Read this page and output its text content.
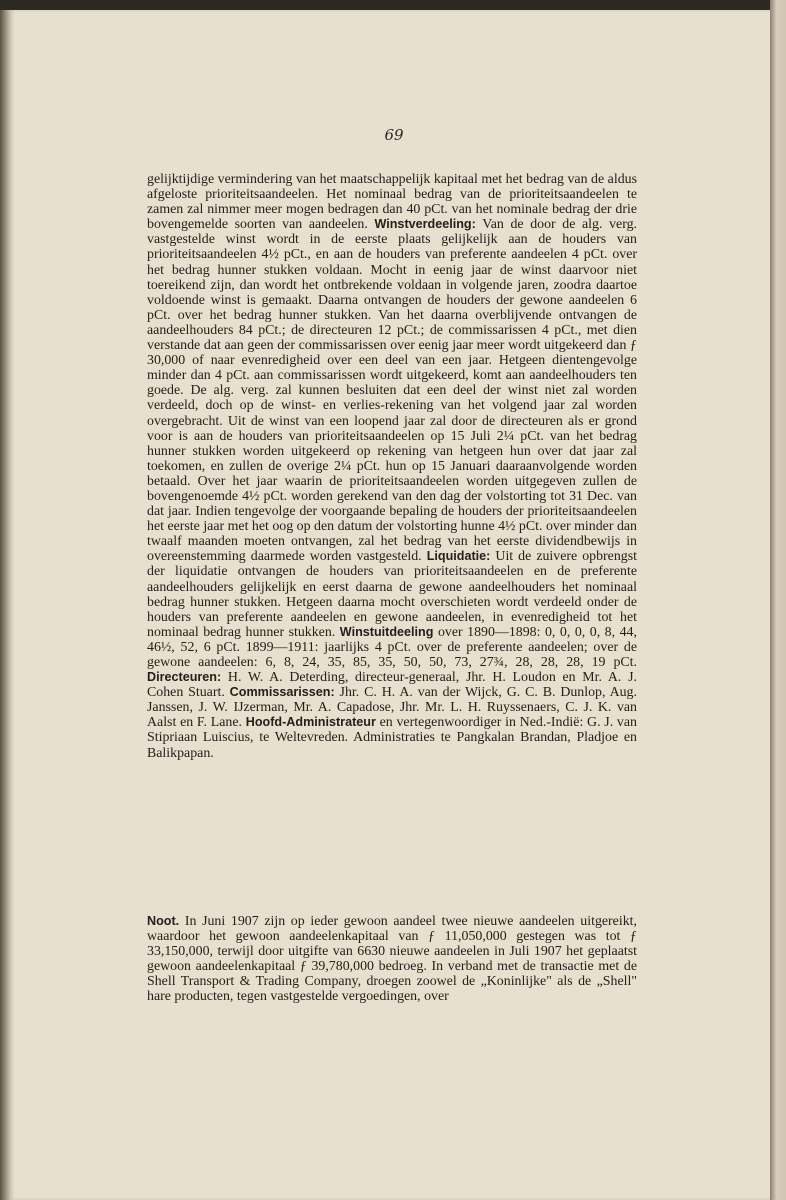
69
gelijktijdige vermindering van het maatschappelijk kapitaal met het bedrag van de aldus afgeloste prioriteitsaandeelen. Het nominaal bedrag van de prioriteitsaandeelen te zamen zal nimmer meer mogen bedragen dan 40 pCt. van het nominale bedrag der drie bovengemelde soorten van aandeelen. Winstverdeeling: Van de door de alg. verg. vastgestelde winst wordt in de eerste plaats gelijkelijk aan de houders van prioriteitsaandeelen 4½ pCt., en aan de houders van preferente aandeelen 4 pCt. over het bedrag hunner stukken voldaan. Mocht in eenig jaar de winst daarvoor niet toereikend zijn, dan wordt het ontbrekende voldaan in volgende jaren, zoodra daartoe voldoende winst is gemaakt. Daarna ontvangen de houders der gewone aandeelen 6 pCt. over het bedrag hunner stukken. Van het daarna overblijvende ontvangen de aandeelhouders 84 pCt.; de directeuren 12 pCt.; de commissarissen 4 pCt., met dien verstande dat aan geen der commissarissen over eenig jaar meer wordt uitgekeerd dan ƒ 30,000 of naar evenredigheid over een deel van een jaar. Hetgeen dientengevolge minder dan 4 pCt. aan commissarissen wordt uitgekeerd, komt aan aandeelhouders ten goede. De alg. verg. zal kunnen besluiten dat een deel der winst niet zal worden verdeeld, doch op de winst- en verlies-rekening van het volgend jaar zal worden overgebracht. Uit de winst van een loopend jaar zal door de directeuren als er grond voor is aan de houders van prioriteitsaandeelen op 15 Juli 2¼ pCt. van het bedrag hunner stukken worden uitgekeerd op rekening van hetgeen hun over dat jaar zal toekomen, en zullen de overige 2¼ pCt. hun op 15 Januari daaraanvolgende worden betaald. Over het jaar waarin de prioriteitsaandeelen worden uitgegeven zullen de bovengenoemde 4½ pCt. worden gerekend van den dag der volstorting tot 31 Dec. van dat jaar. Indien tengevolge der voorgaande bepaling de houders der prioriteitsaandeelen het eerste jaar met het oog op den datum der volstorting hunne 4½ pCt. over minder dan twaalf maanden moeten ontvangen, zal het bedrag van het eerste dividendbewijs in overeenstemming daarmede worden vastgesteld. Liquidatie: Uit de zuivere opbrengst der liquidatie ontvangen de houders van prioriteitsaandeelen en de preferente aandeelhouders gelijkelijk en eerst daarna de gewone aandeelhouders het nominaal bedrag hunner stukken. Hetgeen daarna mocht overschieten wordt verdeeld onder de houders van preferente aandeelen en gewone aandeelen, in evenredigheid tot het nominaal bedrag hunner stukken. Winstuitdeeling over 1890—1898: 0, 0, 0, 0, 8, 44, 46½, 52, 6 pCt. 1899—1911: jaarlijks 4 pCt. over de preferente aandeelen; over de gewone aandeelen: 6, 8, 24, 35, 85, 35, 50, 50, 73, 27¾, 28, 28, 28, 19 pCt. Directeuren: H. W. A. Deterding, directeur-generaal, Jhr. H. Loudon en Mr. A. J. Cohen Stuart. Commissarissen: Jhr. C. H. A. van der Wijck, G. C. B. Dunlop, Aug. Janssen, J. W. IJzerman, Mr. A. Capadose, Jhr. Mr. L. H. Ruyssenaers, C. J. K. van Aalst en F. Lane. Hoofd-Administrateur en vertegenwoordiger in Ned.-Indië: G. J. van Stipriaan Luiscius, te Weltevreden. Administraties te Pangkalan Brandan, Pladjoe en Balikpapan.
Noot. In Juni 1907 zijn op ieder gewoon aandeel twee nieuwe aandeelen uitgereikt, waardoor het gewoon aandeelenkapitaal van ƒ 11,050,000 gestegen was tot ƒ 33,150,000, terwijl door uitgifte van 6630 nieuwe aandeelen in Juli 1907 het geplaatst gewoon aandeelenkapitaal ƒ 39,780,000 bedroeg. In verband met de transactie met de Shell Transport & Trading Company, droegen zoowel de „Koninlijke" als de „Shell" hare producten, tegen vastgestelde vergoedingen, over
